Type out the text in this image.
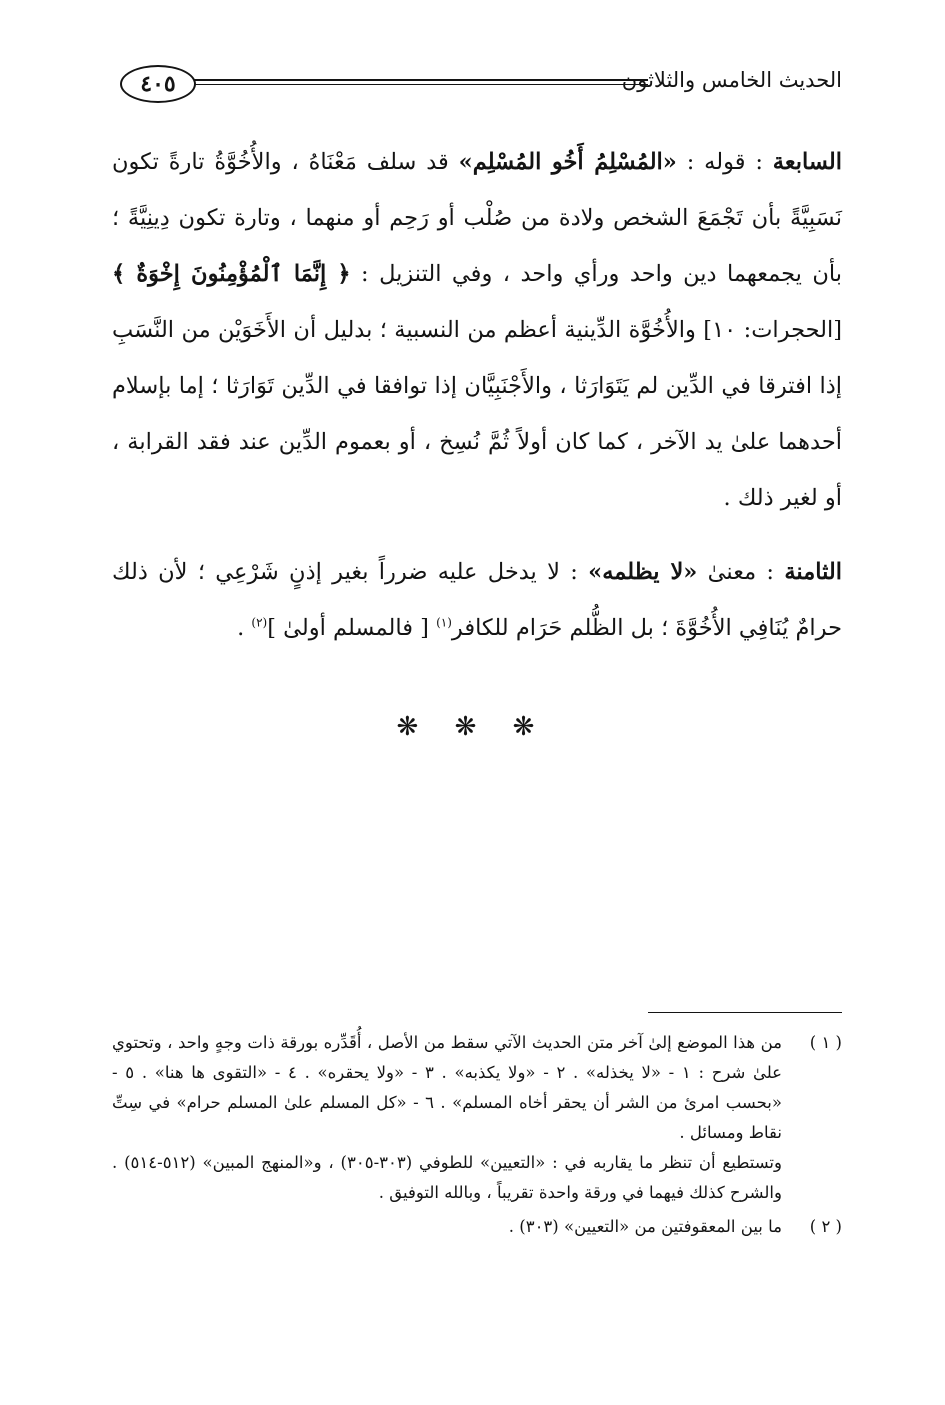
الحديث الخامس والثلاثون
٤٠٥

السابعة : قوله : «المُسْلِمُ أَخُو المُسْلِم» قد سلف مَعْنَاهُ ، والأُخُوَّةُ تارةً تكون نَسَبِيَّةً بأن تَجْمَعَ الشخص ولادة من صُلْب أو رَحِم أو منهما ، وتارة تكون دِينِيَّةً ؛ بأن يجمعهما دين واحد ورأي واحد ، وفي التنزيل : ﴿ إِنَّمَا ٱلْمُؤْمِنُونَ إِخْوَةٌ ﴾ [الحجرات: ١٠] والأُخُوَّة الدِّينية أعظم من النسبية ؛ بدليل أن الأَخَوَيْن من النَّسَبِ إذا افترقا في الدِّين لم يَتَوَارَثا ، والأَجْنَبِيَّان إذا توافقا في الدِّين تَوَارَثا ؛ إما بإسلام أحدهما علىٰ يد الآخر ، كما كان أولاً ثُمَّ نُسِخ ، أو بعموم الدِّين عند فقد القرابة ، أو لغير ذلك .

الثامنة : معنىٰ «لا يظلمه» : لا يدخل عليه ضرراً بغير إذنٍ شَرْعِي ؛ لأن ذلك حرامٌ يُنَافِي الأُخُوَّةَ ؛ بل الظُّلم حَرَام للكافر$^{(١)}$ [ فالمسلم أولىٰ ]$^{(٢)}$ .

❋ ❋ ❋
( ١ )

من هذا الموضع إلىٰ آخر متن الحديث الآتي سقط من الأصل ، أُقَدِّره بورقة ذات وجهٍ واحد ، وتحتوي علىٰ شرح : ١ - «لا يخذله» . ٢ - «ولا يكذبه» . ٣ - «ولا يحقره» . ٤ - «التقوى ها هنا» . ٥ - «بحسب امرئ من الشر أن يحقر أخاه المسلم» . ٦ - «كل المسلم علىٰ المسلم حرام» في سِتِّ نقاط ومسائل .

وتستطيع أن تنظر ما يقاربه في : «التعيين» للطوفي (٣٠٣-٣٠٥) ، و«المنهج المبين» (٥١٢-٥١٤) . والشرح كذلك فيهما في ورقة واحدة تقريباً ، وبالله التوفيق .

( ٢ )

ما بين المعقوفتين من «التعيين» (٣٠٣) .
